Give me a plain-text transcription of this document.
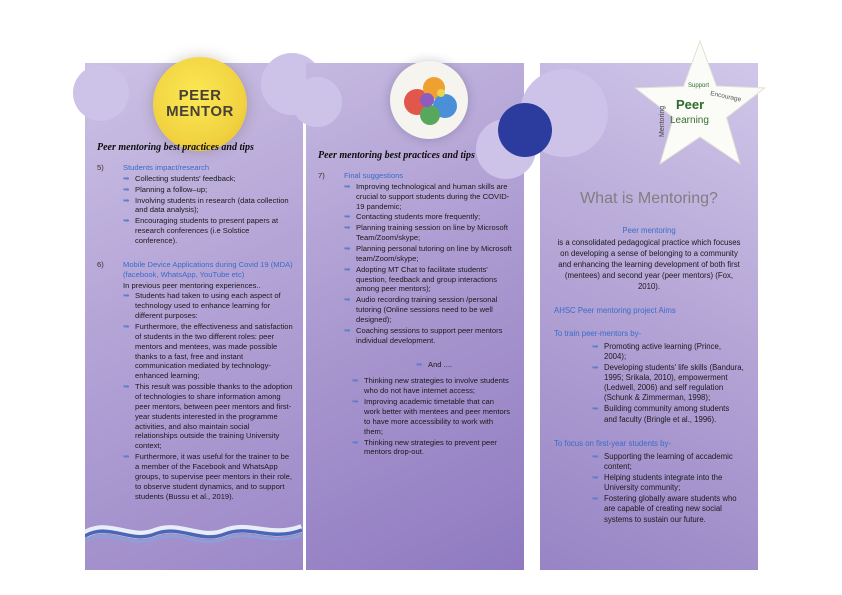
PEER MENTOR
Peer mentoring best practices and tips
5)	Students impact/research
➥ Collecting students' feedback;
➥ Planning a follow–up;
➥ Involving students in research (data collection and data analysis);
➥ Encouraging students to present papers at research conferences (i.e Solstice conference).
6)	Mobile Device Applications during Covid 19 (MDA) (facebook, WhatsApp, YouTube etc)
In previous peer mentoring experiences..
➥ Students had taken to using each aspect of technology used to enhance learning for different purposes:
➥ Furthermore, the effectiveness and satisfaction of students in the two different roles: peer mentors and mentees, was made possible thanks to a fast, free and instant communication mediated by technology-enhanced learning;
➥ This result was possible thanks to the adoption of technologies to share information among peer mentors, between peer mentors and first-year students interested in the programme activities, and also maintain social relationships outside the training University context;
➥ Furthermore, it was useful for the trainer to be a member of the Facebook and WhatsApp groups, to supervise peer mentors in their role, to observe student dynamics, and to support students (Bussu et al., 2019).
Peer mentoring best practices and tips
7)	Final suggestions
➥ Improving technological and human skills are crucial to support students during the COVID-19 pandemic;
➥ Contacting students more frequently;
➥ Planning training session on line by Microsoft Team/Zoom/skype;
➥ Planning personal tutoring on line by Microsoft team/Zoom/skype;
➥ Adopting MT Chat to facilitate students' question, feedback and group interactions among peer mentors);
➥ Audio recording training session /personal tutoring (Online sessions need to be well designed);
➥ Coaching sessions to support peer mentors individual development.
➥ And ....
➥ Thinking new strategies to involve students who do not have internet access;
➥ Improving academic timetable that can work better with mentees and peer mentors to have more accessibility to work with them;
➥ Thinking new strategies to prevent peer mentors drop-out.
Peer
Learning
Mentoring
Encourage
Support
What is Mentoring?

Peer mentoring

is a consolidated pedagogical practice which focuses on developing a sense of belonging to a community and enhancing the learning development of both first (mentees) and second year (peer mentors) (Fox, 2010).

AHSC Peer mentoring project Aims

To train peer-mentors by-

➥ Promoting active learning (Prince, 2004);
➥ Developing students' life skills (Bandura, 1995; Srikala, 2010), empowerment (Ledwell, 2006) and self regulation (Schunk & Zimmerman, 1998);
➥ Building community among students and faculty (Bringle et al., 1996).

To focus on first-year students by-

➥ Supporting the learning of accademic content;
➥ Helping students integrate into the University community;
➥ Fostering globally aware students who are capable of creating new social systems to sustain our future.
